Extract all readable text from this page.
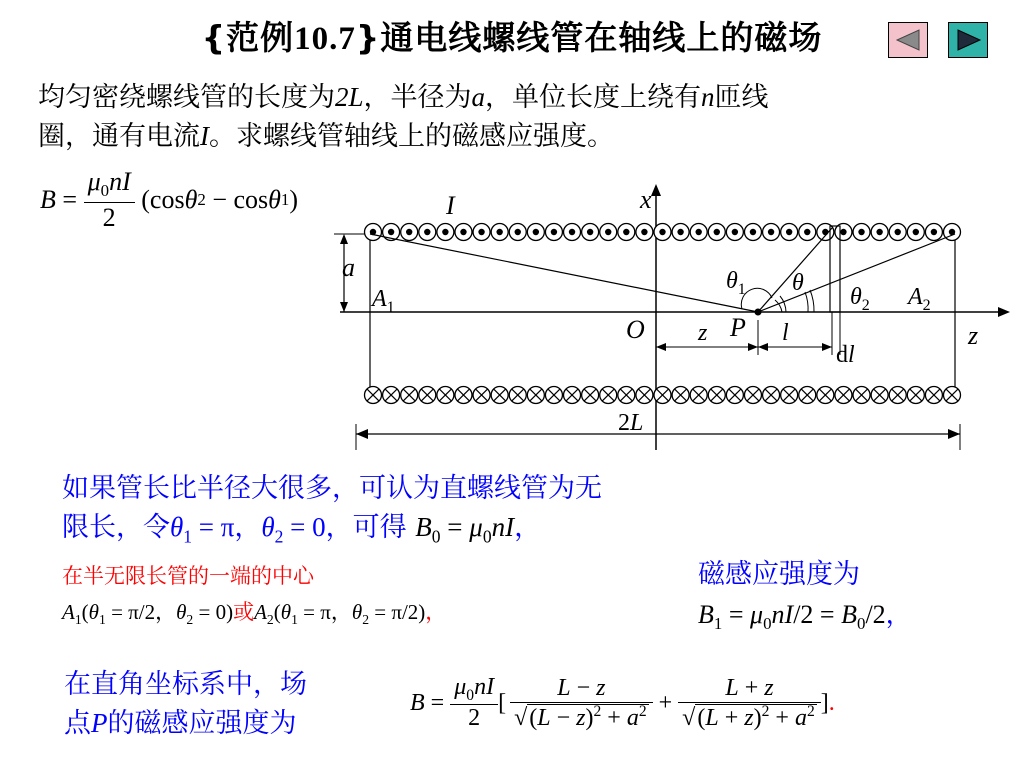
{范例10.7}通电线螺线管在轴线上的磁场
均匀密绕螺线管的长度为2L，半径为a，单位长度上绕有n匝线
圈，通有电流I。求螺线管轴线上的磁感应强度。
$B = \frac{\mu_0nI}{2} (\cos$ θ 2 − cos θ 1 )	I	x
z
O	P
a
$A_1$	$A_2$
$\theta_1$ θ
$\theta_2$
z	l
dl
2L
如果管长比半径大很多，可认为直螺线管为无
限长，令$\theta_1 = \pi$，$\theta_2 = 0$，可得 $B_0 = \mu_0nI$，
在半无限长管的一端的中心
$A_1(\theta_1 = \pi/2$，$\theta_2 = 0$)或$A_2(\theta_1 = \pi$，$\theta_2 = \pi/2$)，
磁感应强度为
$B_1 = \mu_0nI/2 = B_0/2$，
在直角坐标系中，场
点P的磁感应强度为
$B = \frac{\mu_0nI}{2}$ [ $\frac{L - z}{√(L - z)^2 + a^2} + \frac{L + z}{√(L + z)^2 + a^2}$ ] .
